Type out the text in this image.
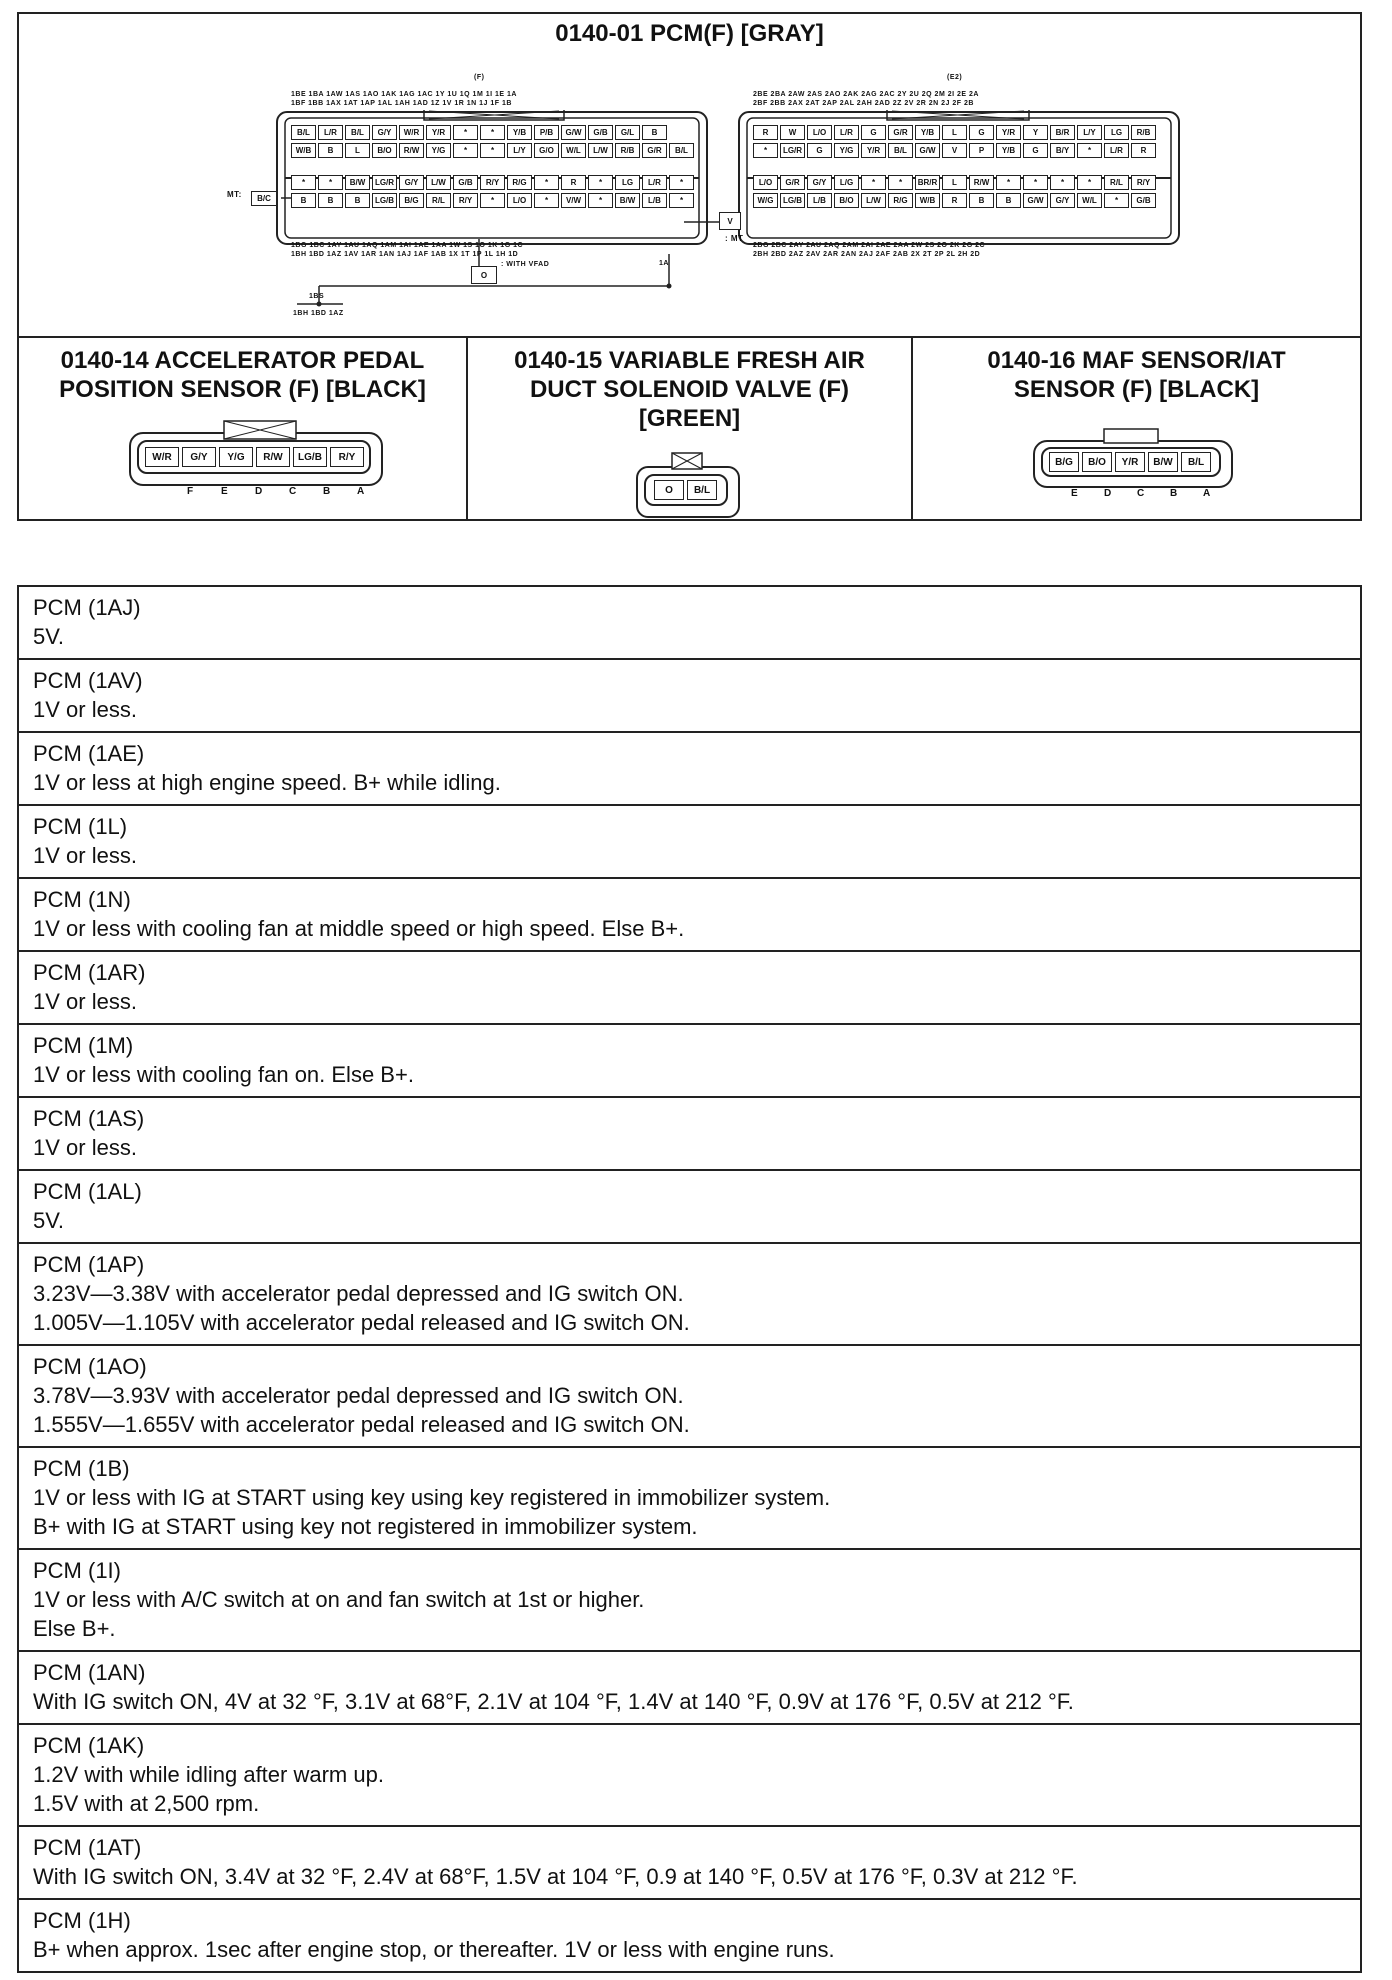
0140-01 PCM(F) [GRAY]
(F)
1BE 1BA 1AW 1AS 1AO 1AK 1AG 1AC 1Y 1U 1Q 1M 1I 1E 1A
1BF 1BB 1AX 1AT 1AP 1AL 1AH 1AD 1Z 1V 1R 1N 1J 1F 1B
B/L	L/R	B/L	G/Y	W/R	Y/R	*	*	Y/B	P/B	G/W	G/B	G/L	B
W/B	B	L	B/O	R/W	Y/G	*	*	L/Y	G/O	W/L	L/W	R/B	G/R	B/L
*	*	B/W	LG/R	G/Y	L/W	G/B	R/Y	R/G	*	R	*	LG	L/R	*
B	B	B	LG/B	B/G	R/L	R/Y	*	L/O	*	V/W	*	B/W	L/B	*
1BG 1BC 1AY 1AU 1AQ 1AM 1AI 1AE 1AA 1W 1S 1O 1K 1G 1C
1BH 1BD 1AZ 1AV 1AR 1AN 1AJ 1AF 1AB 1X 1T 1P 1L 1H 1D
MT:	B/C
V
: MT
O
: WITH VFAD	1A
1BS
1BH 1BD 1AZ
(E2)
2BE 2BA 2AW 2AS 2AO 2AK 2AG 2AC 2Y 2U 2Q 2M 2I 2E 2A
2BF 2BB 2AX 2AT 2AP 2AL 2AH 2AD 2Z 2V 2R 2N 2J 2F 2B
R	W	L/O	L/R	G	G/R	Y/B	L	G	Y/R	Y	B/R	L/Y	LG	R/B
*	LG/R	G	Y/G	Y/R	B/L	G/W	V	P	Y/B	G	B/Y	*	L/R	R
L/O	G/R	G/Y	L/G	*	*	BR/R	L	R/W	*	*	*	*	R/L	R/Y
W/G	LG/B	L/B	B/O	L/W	R/G	W/B	R	B	B	G/W	G/Y	W/L	*	G/B
2BG 2BC 2AY 2AU 2AQ 2AM 2AI 2AE 2AA 2W 2S 2O 2K 2G 2C
2BH 2BD 2AZ 2AV 2AR 2AN 2AJ 2AF 2AB 2X 2T 2P 2L 2H 2D
0140-14 ACCELERATOR PEDAL
POSITION SENSOR (F) [BLACK]
W/R	G/Y	Y/G	R/W	LG/B	R/Y
F	E	D	C	B	A
0140-15 VARIABLE FRESH AIR
DUCT SOLENOID VALVE (F)
[GREEN]
O	B/L
0140-16 MAF SENSOR/IAT
SENSOR (F) [BLACK]
B/G	B/O	Y/R	B/W	B/L
E	D	C	B	A
PCM (1AJ)
5V.
PCM (1AV)
1V or less.
PCM (1AE)
1V or less at high engine speed. B+ while idling.
PCM (1L)
1V or less.
PCM (1N)
1V or less with cooling fan at middle speed or high speed. Else B+.
PCM (1AR)
1V or less.
PCM (1M)
1V or less with cooling fan on. Else B+.
PCM (1AS)
1V or less.
PCM (1AL)
5V.
PCM (1AP)
3.23V—3.38V with accelerator pedal depressed and IG switch ON.
1.005V—1.105V with accelerator pedal released and IG switch ON.
PCM (1AO)
3.78V—3.93V with accelerator pedal depressed and IG switch ON.
1.555V—1.655V with accelerator pedal released and IG switch ON.
PCM (1B)
1V or less with IG at START using key using key registered in immobilizer system.
B+ with IG at START using key not registered in immobilizer system.
PCM (1I)
1V or less with A/C switch at on and fan switch at 1st or higher.
Else B+.
PCM (1AN)
With IG switch ON, 4V at 32 °F, 3.1V at 68°F, 2.1V at 104 °F, 1.4V at 140 °F, 0.9V at 176 °F, 0.5V at 212 °F.
PCM (1AK)
1.2V with while idling after warm up.
1.5V with at 2,500 rpm.
PCM (1AT)
With IG switch ON, 3.4V at 32 °F, 2.4V at 68°F, 1.5V at 104 °F, 0.9 at 140 °F, 0.5V at 176 °F, 0.3V at 212 °F.
PCM (1H)
B+ when approx. 1sec after engine stop, or thereafter. 1V or less with engine runs.
